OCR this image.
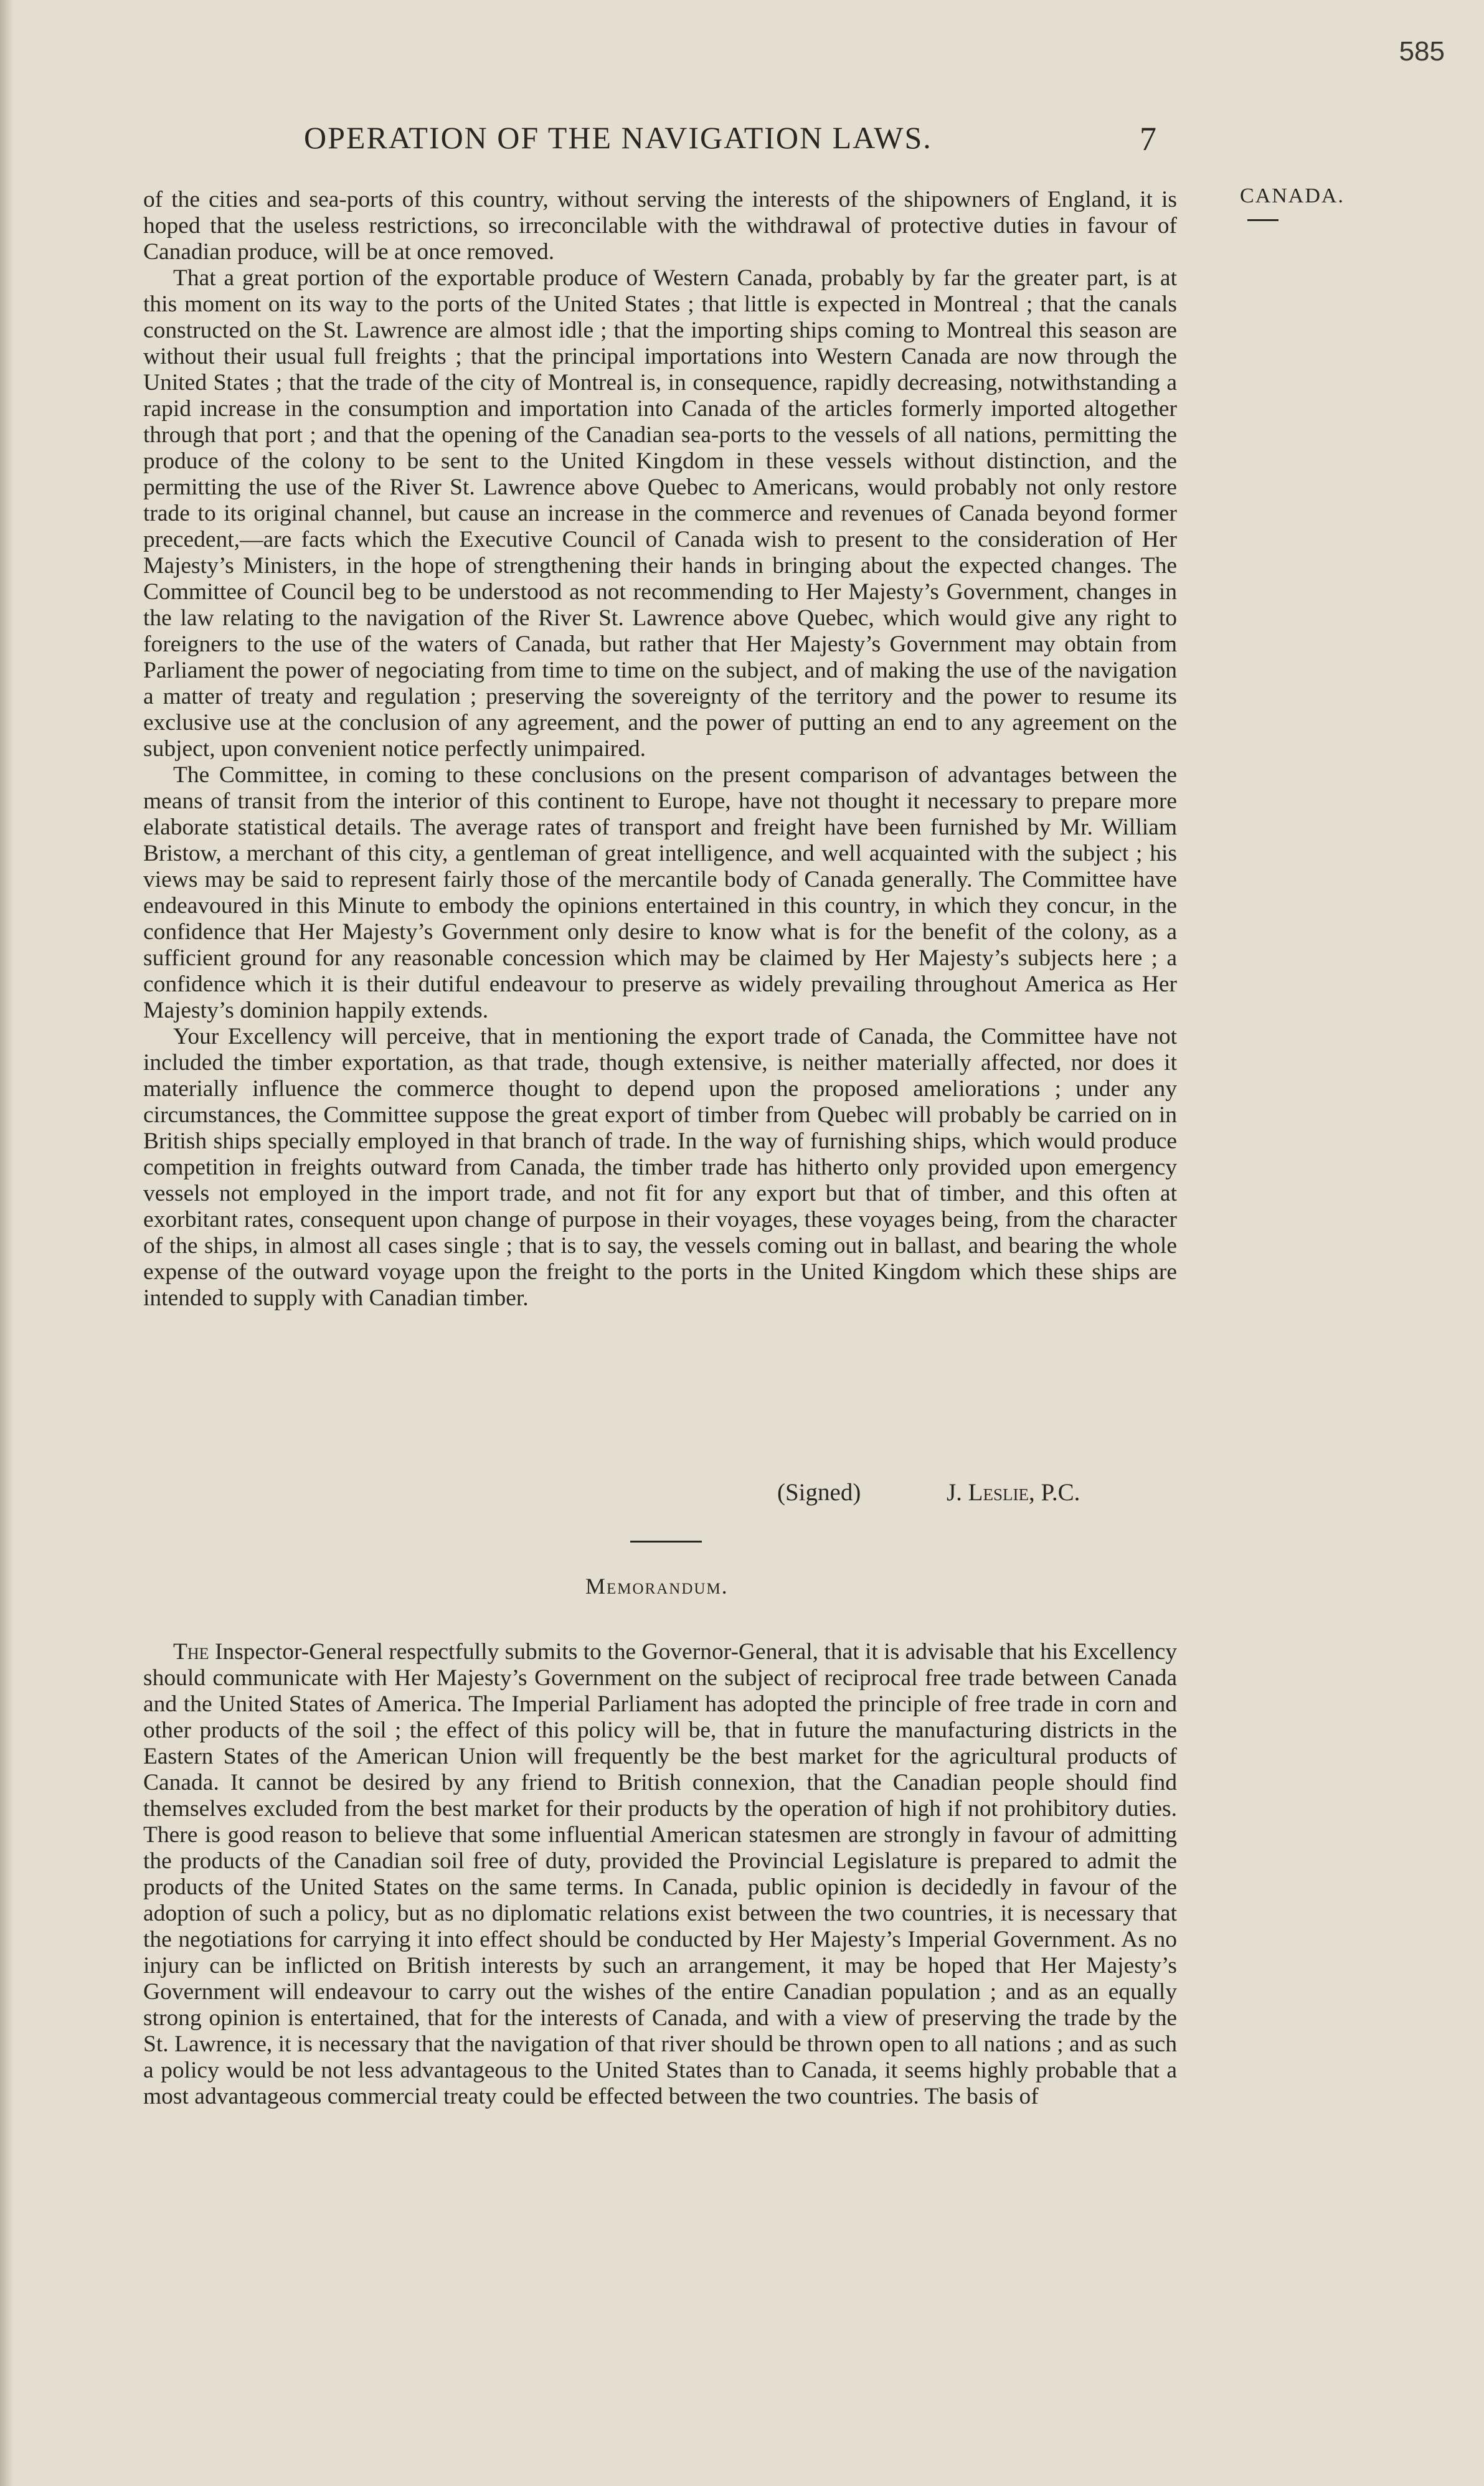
585
OPERATION OF THE NAVIGATION LAWS.	7
CANADA.

of the cities and sea-ports of this country, without serving the interests of the shipowners of England, it is hoped that the useless restrictions, so irreconcilable with the withdrawal of protective duties in favour of Canadian produce, will be at once removed.

That a great portion of the exportable produce of Western Canada, probably by far the greater part, is at this moment on its way to the ports of the United States ; that little is expected in Montreal ; that the canals constructed on the St. Lawrence are almost idle ; that the importing ships coming to Montreal this season are without their usual full freights ; that the principal importations into Western Canada are now through the United States ; that the trade of the city of Montreal is, in consequence, rapidly decreasing, notwithstanding a rapid increase in the consumption and importation into Canada of the articles formerly imported altogether through that port ; and that the opening of the Canadian sea-ports to the vessels of all nations, permitting the produce of the colony to be sent to the United Kingdom in these vessels without distinction, and the permitting the use of the River St. Lawrence above Quebec to Americans, would probably not only restore trade to its original channel, but cause an increase in the commerce and revenues of Canada beyond former precedent,—are facts which the Executive Council of Canada wish to present to the consideration of Her Majesty’s Ministers, in the hope of strengthening their hands in bringing about the expected changes. The Committee of Council beg to be understood as not recommending to Her Majesty’s Government, changes in the law relating to the navigation of the River St. Lawrence above Quebec, which would give any right to foreigners to the use of the waters of Canada, but rather that Her Majesty’s Government may obtain from Parliament the power of negociating from time to time on the subject, and of making the use of the navigation a matter of treaty and regulation ; preserving the sovereignty of the territory and the power to resume its exclusive use at the conclusion of any agreement, and the power of putting an end to any agreement on the subject, upon convenient notice perfectly unimpaired.

The Committee, in coming to these conclusions on the present comparison of advantages between the means of transit from the interior of this continent to Europe, have not thought it necessary to prepare more elaborate statistical details. The average rates of transport and freight have been furnished by Mr. William Bristow, a merchant of this city, a gentleman of great intelligence, and well acquainted with the subject ; his views may be said to represent fairly those of the mercantile body of Canada generally. The Committee have endeavoured in this Minute to embody the opinions entertained in this country, in which they concur, in the confidence that Her Majesty’s Government only desire to know what is for the benefit of the colony, as a sufficient ground for any reasonable concession which may be claimed by Her Majesty’s subjects here ; a confidence which it is their dutiful endeavour to preserve as widely prevailing throughout America as Her Majesty’s dominion happily extends.

Your Excellency will perceive, that in mentioning the export trade of Canada, the Committee have not included the timber exportation, as that trade, though extensive, is neither materially affected, nor does it materially influence the commerce thought to depend upon the proposed ameliorations ; under any circumstances, the Committee suppose the great export of timber from Quebec will probably be carried on in British ships specially employed in that branch of trade. In the way of furnishing ships, which would produce competition in freights outward from Canada, the timber trade has hitherto only provided upon emergency vessels not employed in the import trade, and not fit for any export but that of timber, and this often at exorbitant rates, consequent upon change of purpose in their voyages, these voyages being, from the character of the ships, in almost all cases single ; that is to say, the vessels coming out in ballast, and bearing the whole expense of the outward voyage upon the freight to the ports in the United Kingdom which these ships are intended to supply with Canadian timber.

(Signed)	J. Leslie, P.C.
Memorandum.

The Inspector-General respectfully submits to the Governor-General, that it is advisable that his Excellency should communicate with Her Majesty’s Government on the subject of reciprocal free trade between Canada and the United States of America. The Imperial Parliament has adopted the principle of free trade in corn and other products of the soil ; the effect of this policy will be, that in future the manufacturing districts in the Eastern States of the American Union will frequently be the best market for the agricultural products of Canada. It cannot be desired by any friend to British connexion, that the Canadian people should find themselves excluded from the best market for their products by the operation of high if not prohibitory duties. There is good reason to believe that some influential American statesmen are strongly in favour of admitting the products of the Canadian soil free of duty, provided the Provincial Legislature is prepared to admit the products of the United States on the same terms. In Canada, public opinion is decidedly in favour of the adoption of such a policy, but as no diplomatic relations exist between the two countries, it is necessary that the negotiations for carrying it into effect should be conducted by Her Majesty’s Imperial Government. As no injury can be inflicted on British interests by such an arrangement, it may be hoped that Her Majesty’s Government will endeavour to carry out the wishes of the entire Canadian population ; and as an equally strong opinion is entertained, that for the interests of Canada, and with a view of preserving the trade by the St. Lawrence, it is necessary that the navigation of that river should be thrown open to all nations ; and as such a policy would be not less advantageous to the United States than to Canada, it seems highly probable that a most advantageous commercial treaty could be effected between the two countries. The basis of
